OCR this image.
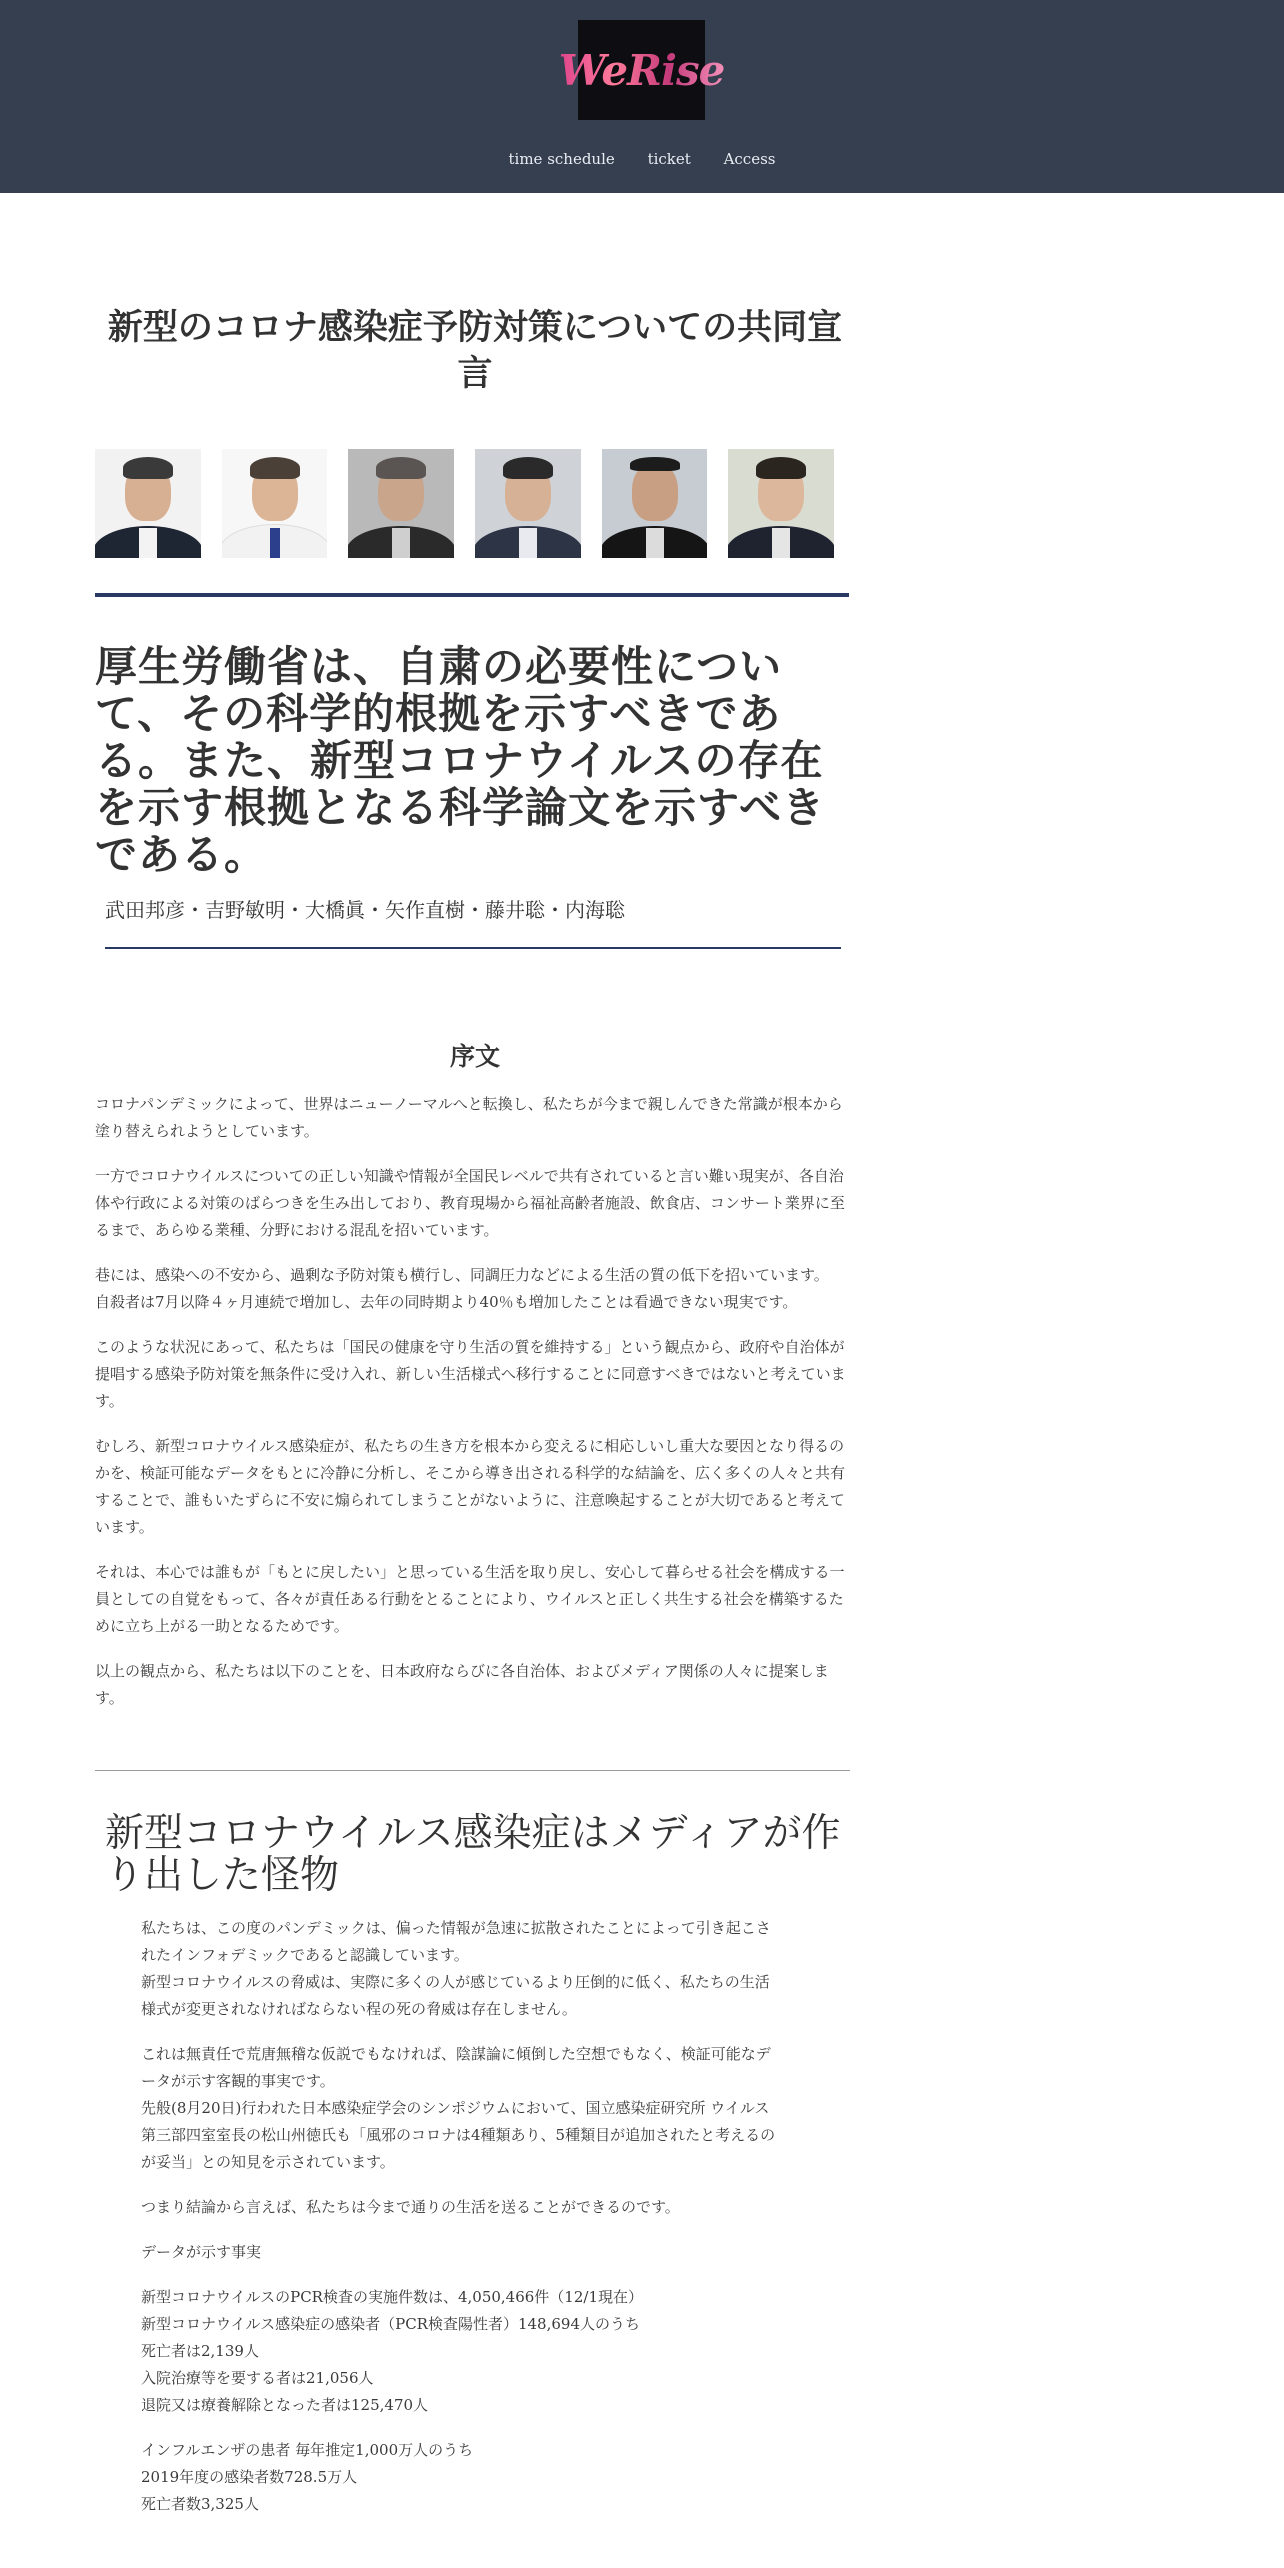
WeRise
time schedule ticket Access
新型のコロナ感染症予防対策についての共同宣言
厚生労働省は、自粛の必要性について、その科学的根拠を示すべきである。また、新型コロナウイルスの存在を示す根拠となる科学論文を示すべきである。
武田邦彦・吉野敏明・大橋眞・矢作直樹・藤井聡・内海聡
序文

コロナパンデミックによって、世界はニューノーマルへと転換し、私たちが今まで親しんできた常識が根本から塗り替えられようとしています。

一方でコロナウイルスについての正しい知識や情報が全国民レベルで共有されていると言い難い現実が、各自治体や行政による対策のばらつきを生み出しており、教育現場から福祉高齢者施設、飲食店、コンサート業界に至るまで、あらゆる業種、分野における混乱を招いています。

巷には、感染への不安から、過剰な予防対策も横行し、同調圧力などによる生活の質の低下を招いています。
自殺者は7月以降４ヶ月連続で増加し、去年の同時期より40％も増加したことは看過できない現実です。

このような状況にあって、私たちは「国民の健康を守り生活の質を維持する」という観点から、政府や自治体が提唱する感染予防対策を無条件に受け入れ、新しい生活様式へ移行することに同意すべきではないと考えています。

むしろ、新型コロナウイルス感染症が、私たちの生き方を根本から変えるに相応しいし重大な要因となり得るのかを、検証可能なデータをもとに冷静に分析し、そこから導き出される科学的な結論を、広く多くの人々と共有することで、誰もいたずらに不安に煽られてしまうことがないように、注意喚起することが大切であると考えています。

それは、本心では誰もが「もとに戻したい」と思っている生活を取り戻し、安心して暮らせる社会を構成する一員としての自覚をもって、各々が責任ある行動をとることにより、ウイルスと正しく共生する社会を構築するために立ち上がる一助となるためです。

以上の観点から、私たちは以下のことを、日本政府ならびに各自治体、およびメディア関係の人々に提案します。

新型コロナウイルス感染症はメディアが作り出した怪物

私たちは、この度のパンデミックは、偏った情報が急速に拡散されたことによって引き起こされたインフォデミックであると認識しています。
新型コロナウイルスの脅威は、実際に多くの人が感じているより圧倒的に低く、私たちの生活様式が変更されなければならない程の死の脅威は存在しません。

これは無責任で荒唐無稽な仮説でもなければ、陰謀論に傾倒した空想でもなく、検証可能なデータが示す客観的事実です。
先般(8月20日)行われた日本感染症学会のシンポジウムにおいて、国立感染症研究所 ウイルス第三部四室室長の松山州徳氏も「風邪のコロナは4種類あり、5種類目が追加されたと考えるのが妥当」との知見を示されています。

つまり結論から言えば、私たちは今まで通りの生活を送ることができるのです。

データが示す事実

新型コロナウイルスのPCR検査の実施件数は、4,050,466件（12/1現在）
新型コロナウイルス感染症の感染者（PCR検査陽性者）148,694人のうち
死亡者は2,139人
入院治療等を要する者は21,056人
退院又は療養解除となった者は125,470人

インフルエンザの患者 毎年推定1,000万人のうち
2019年度の感染者数728.5万人
死亡者数3,325人
